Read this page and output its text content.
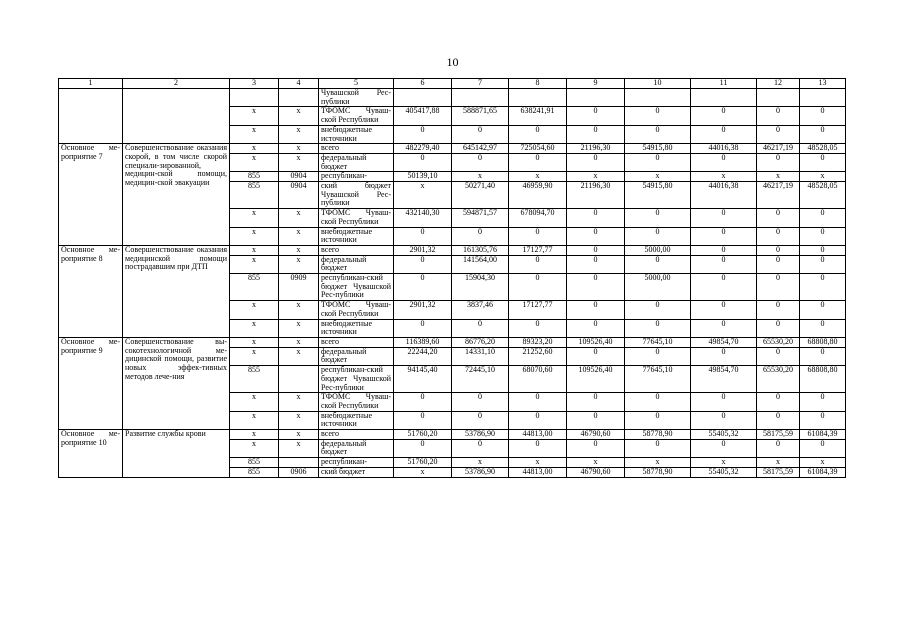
10
1	2	3	4	5	6	7	8	9	10	11	12	13
				Чувашской Рес-публики								
		х	х	ТФОМС Чуваш-ской Республики	405417,88	588871,65	638241,91	0	0	0	0	0
		х	х	внебюджетные источники	0	0	0	0	0	0	0	0
Основное ме-роприятие 7	Совершенствование оказания скорой, в том числе скорой специали-зированной, медицин-ской помощи, медицин-ской эвакуации	х	х	всего	482279,40	645142,97	725054,60	21196,30	54915,80	44016,38	46217,19	48528,05
		х	х	федеральный бюджет	0	0	0	0	0	0	0	0
		855	0904	республикан-	50139,10	х	х	х	х	х	х	х
		855	0904	ский бюджет Чувашской Рес-публики	х	50271,40	46959,90	21196,30	54915,80	44016,38	46217,19	48528,05
		х	х	ТФОМС Чуваш-ской Республики	432140,30	594871,57	678094,70	0	0	0	0	0
		х	х	внебюджетные источники	0	0	0	0	0	0	0	0
Основное ме-роприятие 8	Совершенствование оказания медицинской помощи пострадавшим при ДТП	х	х	всего	2901,32	161305,76	17127,77	0	5000,00	0	0	0
		х	х	федеральный бюджет	0	141564,00	0	0	0	0	0	0
		855	0909	республикан-ский бюджет Чувашской Рес-публики	0	15904,30	0	0	5000,00	0	0	0
		х	х	ТФОМС Чуваш-ской Республики	2901,32	3837,46	17127,77	0	0	0	0	0
		х	х	внебюджетные источники	0	0	0	0	0	0	0	0
Основное ме-роприятие 9	Совершенствование вы-сокотехнологичной ме-дицинской помощи, развитие новых эффек-тивных методов лече-ния	х	х	всего	116389,60	86776,20	89323,20	109526,40	77645,10	49854,70	65530,20	68808,80
		х	х	федеральный бюджет	22244,20	14331,10	21252,60	0	0	0	0	0
		855		республикан-ский бюджет Чувашской Рес-публики	94145,40	72445,10	68070,60	109526,40	77645,10	49854,70	65530,20	68808,80
		х	х	ТФОМС Чуваш-ской Республики	0	0	0	0	0	0	0	0
		х	х	внебюджетные источники	0	0	0	0	0	0	0	0
Основное ме-роприятие 10	Развитие службы крови	х	х	всего	51760,20	53786,90	44813,00	46790,60	58778,90	55405,32	58175,59	61084,39
		х	х	федеральный бюджет	0	0	0	0	0	0	0	0
		855		республикан-	51760,20	х	х	х	х	х	х	х
		855	0906	ский бюджет	х	53786,90	44813,00	46790,60	58778,90	55405,32	58175,59	61084,39
